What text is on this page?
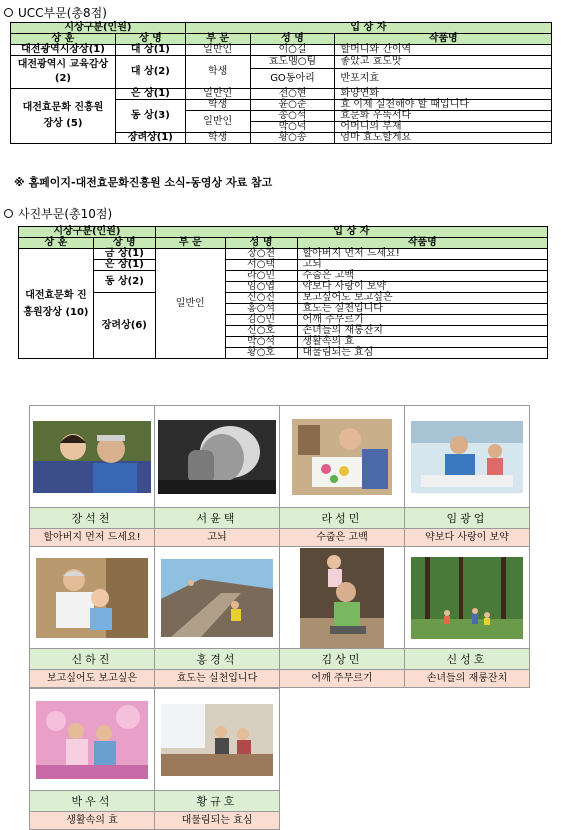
UCC부문(총8점)
시상구분(인원)		입 상 자		
상 훈	상 명	부 문	성 명	작품명
대전광역시장상(1)	대 상(1)	일반인	이○길	할머니와 간이역
대전광역시 교육감상(2)	대 상(2)	학생	효도멤○팀	좋았고 효도맛
			GO동아리	반포지효
대전효문화 진흥원장상 (5)	은 상(1)	일반인	전○현	화양연화
	동 상(3)	학생	윤○준	효 이제 실천해야 할 때입니다
		일반인	송○석	효문화 우뚝서다
			박○덕	어머니의 부재
	장려상(1)	학생	황○송	엄마 효도할게요
※ 홈페이지-대전효문화진흥원 소식-동영상 자료 참고
사진부문(총10점)
시상구분(인원)		입 상 자		
상 훈	상 명	부 문	성 명	작품명
대전효문화 진흥원장상 (10)	금 상(1)	일반인	장○천	할아버지 먼저 드세요!
	은 상(1)		서○택	고뇌
	동 상(2)		라○민	수줍은 고백
			임○엽	약보다 사랑이 보약
	장려상(6)		신○진	보고싶어도 보고싶은
			홍○석	효도는 실천입니다
			김○민	어깨 주무르기
			신○호	손녀들의 재롱잔치
			박○석	생활속의 효
			황○호	대물림되는 효심
장석천
할아버지 먼저 드세요!
서윤택
고뇌
라성민
수줍은 고백
임광업
약보다 사랑이 보약
신하진
보고싶어도 보고싶은
홍경석
효도는 실천입니다
김상민
어깨 주무르기
신성호
손녀들의 재롱잔치
박우석
생활속의 효
황규호
대물림되는 효심
